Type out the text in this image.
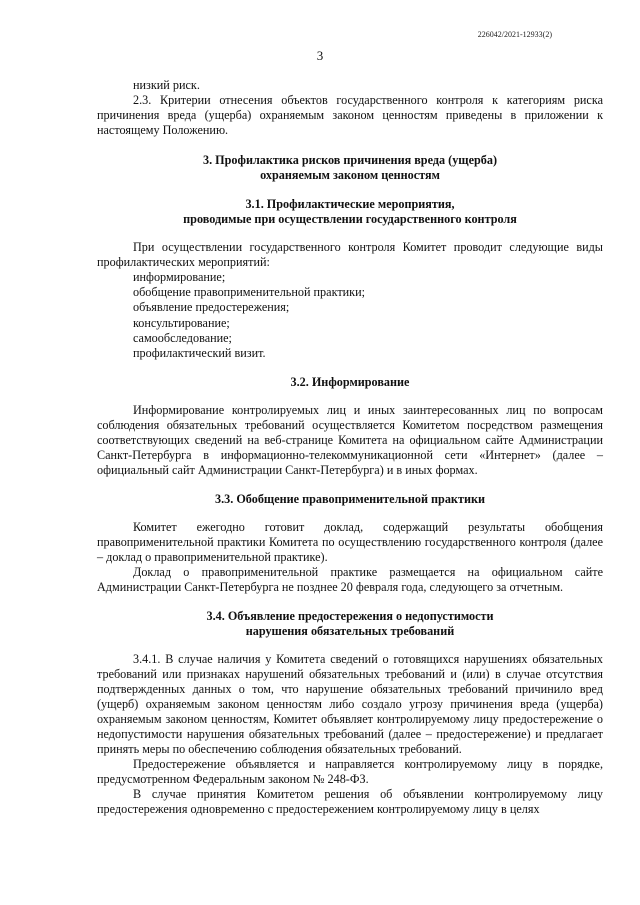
226042/2021-12933(2)
3

низкий риск.

2.3. Критерии отнесения объектов государственного контроля к категориям риска причинения вреда (ущерба) охраняемым законом ценностям приведены в приложении к настоящему Положению.

3. Профилактика рисков причинения вреда (ущерба)
охраняемым законом ценностям
3.1. Профилактические мероприятия,
проводимые при осуществлении государственного контроля

При осуществлении государственного контроля Комитет проводит следующие виды профилактических мероприятий:

информирование;
обобщение правоприменительной практики;
объявление предостережения;
консультирование;
самообследование;
профилактический визит.
3.2. Информирование

Информирование контролируемых лиц и иных заинтересованных лиц по вопросам соблюдения обязательных требований осуществляется Комитетом посредством размещения соответствующих сведений на веб-странице Комитета на официальном сайте Администрации Санкт-Петербурга в информационно-телекоммуникационной сети «Интернет» (далее – официальный сайт Администрации Санкт-Петербурга) и в иных формах.

3.3. Обобщение правоприменительной практики

Комитет ежегодно готовит доклад, содержащий результаты обобщения правоприменительной практики Комитета по осуществлению государственного контроля (далее – доклад о правоприменительной практике).

Доклад о правоприменительной практике размещается на официальном сайте Администрации Санкт-Петербурга не позднее 20 февраля года, следующего за отчетным.

3.4. Объявление предостережения о недопустимости
нарушения обязательных требований

3.4.1. В случае наличия у Комитета сведений о готовящихся нарушениях обязательных требований или признаках нарушений обязательных требований и (или) в случае отсутствия подтвержденных данных о том, что нарушение обязательных требований причинило вред (ущерб) охраняемым законом ценностям либо создало угрозу причинения вреда (ущерба) охраняемым законом ценностям, Комитет объявляет контролируемому лицу предостережение о недопустимости нарушения обязательных требований (далее – предостережение) и предлагает принять меры по обеспечению соблюдения обязательных требований.

Предостережение объявляется и направляется контролируемому лицу в порядке, предусмотренном Федеральным законом № 248-ФЗ.

В случае принятия Комитетом решения об объявлении контролируемому лицу предостережения одновременно с предостережением контролируемому лицу в целях
